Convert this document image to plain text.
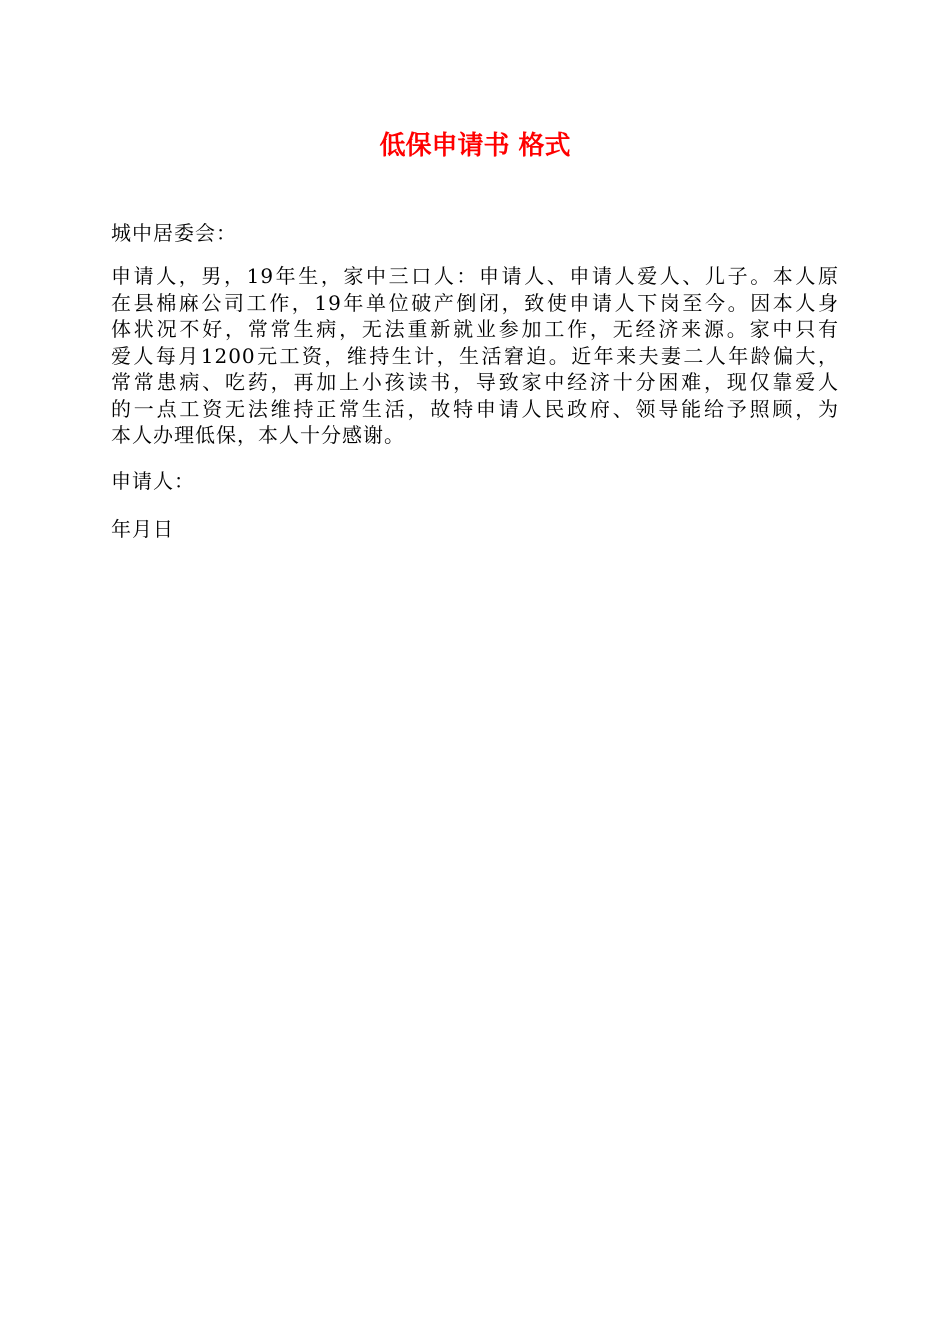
低保申请书 格式

城中居委会：

申请人，男，19年生，家中三口人：申请人、申请人爱人、儿子。本人原
在县棉麻公司工作，19年单位破产倒闭，致使申请人下岗至今。因本人身
体状况不好，常常生病，无法重新就业参加工作，无经济来源。家中只有
爱人每月1200元工资，维持生计，生活窘迫。近年来夫妻二人年龄偏大，
常常患病、吃药，再加上小孩读书，导致家中经济十分困难，现仅靠爱人
的一点工资无法维持正常生活，故特申请人民政府、领导能给予照顾，为
本人办理低保，本人十分感谢。

申请人：

年月日
